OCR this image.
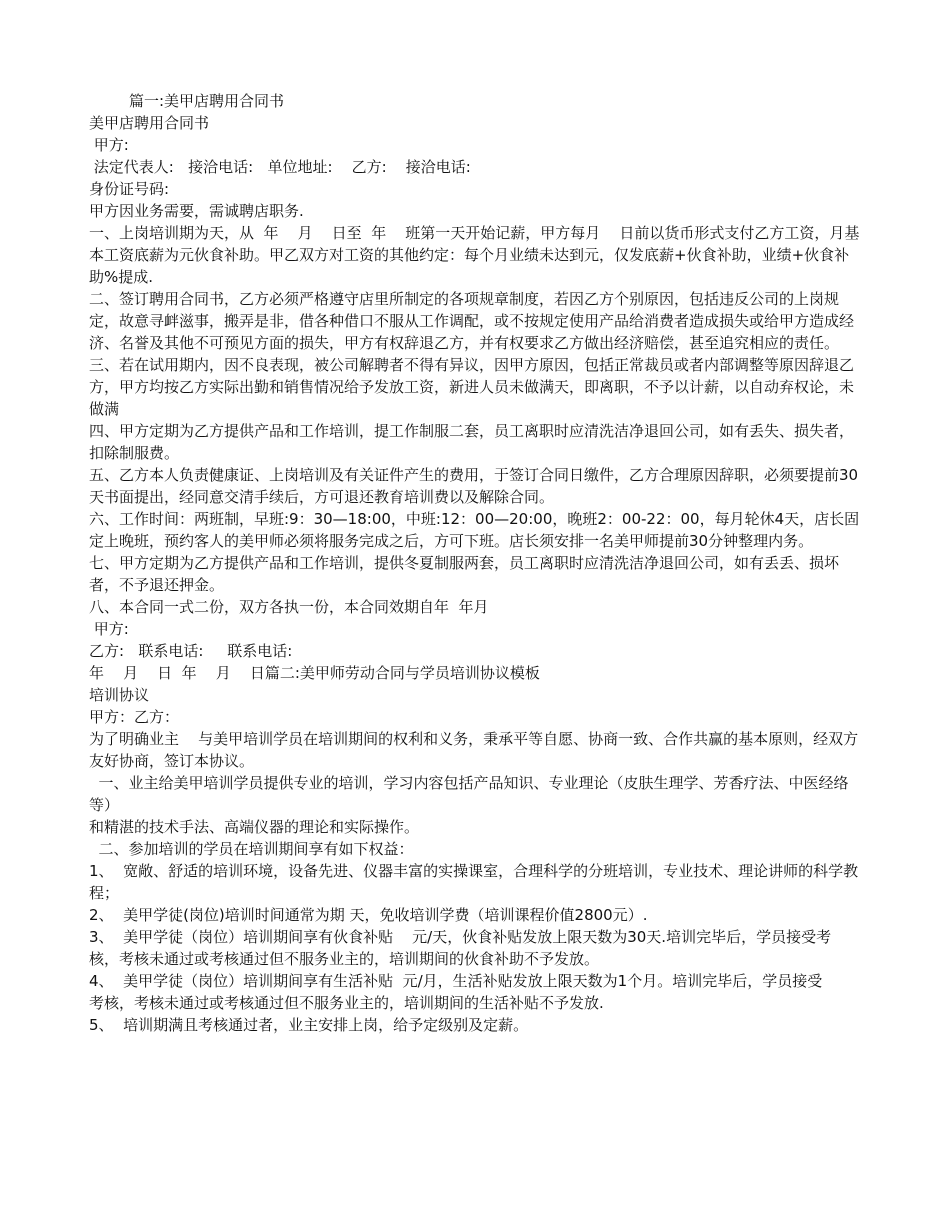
篇一:美甲店聘用合同书

美甲店聘用合同书

甲方:

法定代表人:   接洽电话:   单位地址:    乙方:    接洽电话:

身份证号码:

甲方因业务需要，需诚聘店职务.

一、上岗培训期为天，从  年    月    日至  年    班第一天开始记薪，甲方每月    日前以货币形式支付乙方工资，月基本工资底薪为元伙食补助。甲乙双方对工资的其他约定：每个月业绩未达到元，仅发底薪+伙食补助，业绩+伙食补助%提成.

二、签订聘用合同书，乙方必须严格遵守店里所制定的各项规章制度，若因乙方个别原因，包括违反公司的上岗规定，故意寻衅滋事，搬弄是非，借各种借口不服从工作调配，或不按规定使用产品给消费者造成损失或给甲方造成经济、名誉及其他不可预见方面的损失，甲方有权辞退乙方，并有权要求乙方做出经济赔偿，甚至追究相应的责任。

三、若在试用期内，因不良表现，被公司解聘者不得有异议，因甲方原因，包括正常裁员或者内部调整等原因辞退乙方，甲方均按乙方实际出勤和销售情况给予发放工资，新进人员未做满天，即离职，不予以计薪，以自动弃权论，未做满

四、甲方定期为乙方提供产品和工作培训，提工作制服二套，员工离职时应清洗洁净退回公司，如有丢失、损失者，扣除制服费。

五、乙方本人负责健康证、上岗培训及有关证件产生的费用，于签订合同日缴件，乙方合理原因辞职，必须要提前30天书面提出，经同意交清手续后，方可退还教育培训费以及解除合同。

六、工作时间：两班制，早班:9：30—18:00，中班:12：00—20:00，晚班2：00-22：00，每月轮休4天，店长固定上晚班，预约客人的美甲师必须将服务完成之后，方可下班。店长须安排一名美甲师提前30分钟整理内务。

七、甲方定期为乙方提供产品和工作培训，提供冬夏制服两套，员工离职时应清洗洁净退回公司，如有丢丢、损坏者，不予退还押金。

八、本合同一式二份，双方各执一份，本合同效期自年  年月

甲方:

乙方:   联系电话:     联系电话:

年    月    日  年    月    日篇二:美甲师劳动合同与学员培训协议模板

培训协议

甲方：乙方：

为了明确业主    与美甲培训学员在培训期间的权利和义务，秉承平等自愿、协商一致、合作共赢的基本原则，经双方友好协商，签订本协议。

一、业主给美甲培训学员提供专业的培训，学习内容包括产品知识、专业理论（皮肤生理学、芳香疗法、中医经络等）

和精湛的技术手法、高端仪器的理论和实际操作。

二、参加培训的学员在培训期间享有如下权益：

1、  宽敞、舒适的培训环境，设备先进、仪器丰富的实操课室，合理科学的分班培训，专业技术、理论讲师的科学教程；

2、  美甲学徒(岗位)培训时间通常为期 天，免收培训学费（培训课程价值2800元）.

3、  美甲学徒（岗位）培训期间享有伙食补贴    元/天，伙食补贴发放上限天数为30天.培训完毕后，学员接受考

核，考核未通过或考核通过但不服务业主的，培训期间的伙食补助不予发放。

4、  美甲学徒（岗位）培训期间享有生活补贴  元/月，生活补贴发放上限天数为1个月。培训完毕后，学员接受

考核，考核未通过或考核通过但不服务业主的，培训期间的生活补贴不予发放.

5、  培训期满且考核通过者，业主安排上岗，给予定级别及定薪。
